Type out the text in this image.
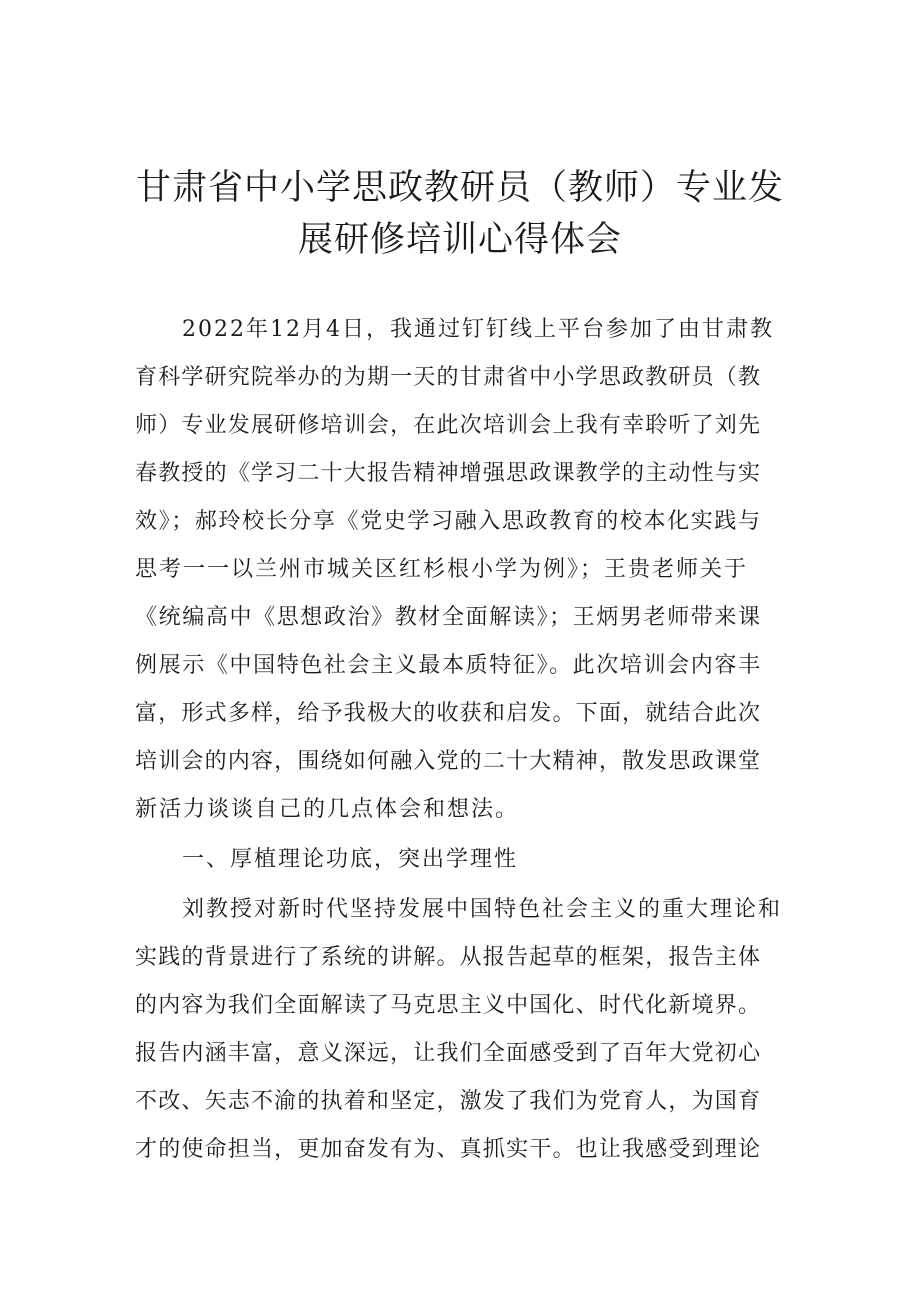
甘肃省中小学思政教研员（教师）专业发
展研修培训心得体会
2022年12月4日，我通过钉钉线上平台参加了由甘肃教
育科学研究院举办的为期一天的甘肃省中小学思政教研员（教
师）专业发展研修培训会，在此次培训会上我有幸聆听了刘先
春教授的《学习二十大报告精神增强思政课教学的主动性与实
效》；郝玲校长分享《党史学习融入思政教育的校本化实践与
思考一一以兰州市城关区红杉根小学为例》；王贵老师关于
《统编高中《思想政治》教材全面解读》；王炳男老师带来课
例展示《中国特色社会主义最本质特征》。此次培训会内容丰
富，形式多样，给予我极大的收获和启发。下面，就结合此次
培训会的内容，围绕如何融入党的二十大精神，散发思政课堂
新活力谈谈自己的几点体会和想法。
一、厚植理论功底，突出学理性
刘教授对新时代坚持发展中国特色社会主义的重大理论和
实践的背景进行了系统的讲解。从报告起草的框架，报告主体
的内容为我们全面解读了马克思主义中国化、时代化新境界。
报告内涵丰富，意义深远，让我们全面感受到了百年大党初心
不改、矢志不渝的执着和坚定，激发了我们为党育人，为国育
才的使命担当，更加奋发有为、真抓实干。也让我感受到理论
